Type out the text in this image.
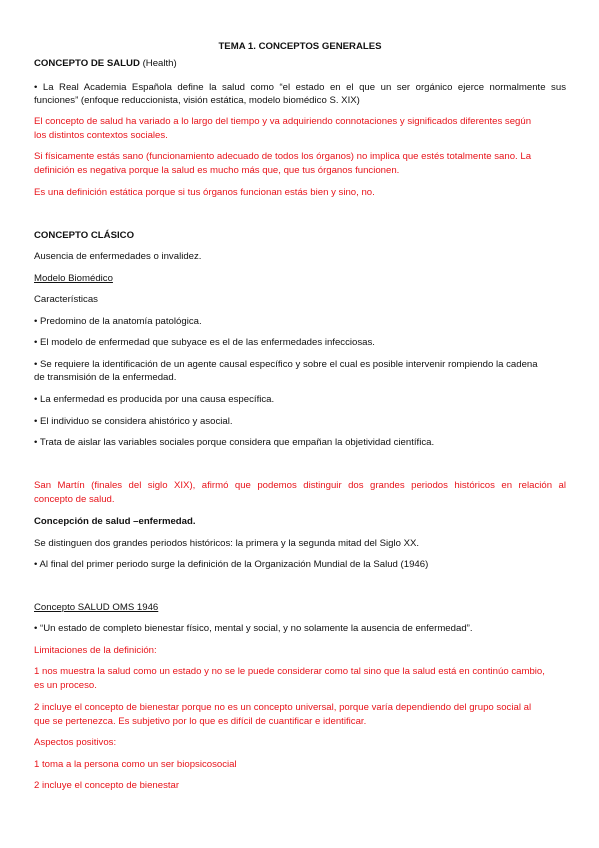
TEMA 1. CONCEPTOS GENERALES

CONCEPTO DE SALUD (Health)

• La Real Academia Española define la salud como “el estado en el que un ser orgánico ejerce normalmente sus

funciones” (enfoque reduccionista, visión estática, modelo biomédico S. XIX)

El concepto de salud ha variado a lo largo del tiempo y va adquiriendo connotaciones y significados diferentes según

los distintos contextos sociales.

Si físicamente estás sano (funcionamiento adecuado de todos los órganos) no implica que estés totalmente sano. La

definición es negativa porque la salud es mucho más que, que tus órganos funcionen.

Es una definición estática porque si tus órganos funcionan estás bien y sino, no.

CONCEPTO CLÁSICO

Ausencia de enfermedades o invalidez.

Modelo Biomédico

Características

• Predomino de la anatomía patológica.

• El modelo de enfermedad que subyace es el de las enfermedades infecciosas.

• Se requiere la identificación de un agente causal específico y sobre el cual es posible intervenir rompiendo la cadena

de transmisión de la enfermedad.

• La enfermedad es producida por una causa específica.

• El individuo se considera ahistórico y asocial.

• Trata de aislar las variables sociales porque considera que empañan la objetividad científica.

San Martín (finales del siglo XIX), afirmó que podemos distinguir dos grandes periodos históricos en relación al

concepto de salud.

Concepción de salud –enfermedad.

Se distinguen dos grandes periodos históricos: la primera y la segunda mitad del Siglo XX.

• Al final del primer periodo surge la definición de la Organización Mundial de la Salud (1946)

Concepto SALUD OMS 1946

• “Un estado de completo bienestar físico, mental y social, y no solamente la ausencia de enfermedad”.

Limitaciones de la definición:

1 nos muestra la salud como un estado y no se le puede considerar como tal sino que la salud está en continúo cambio,

es un proceso.

2 incluye el concepto de bienestar porque no es un concepto universal, porque varía dependiendo del grupo social al

que se pertenezca. Es subjetivo por lo que es difícil de cuantificar e identificar.

Aspectos positivos:

1 toma a la persona como un ser biopsicosocial

2 incluye el concepto de bienestar
